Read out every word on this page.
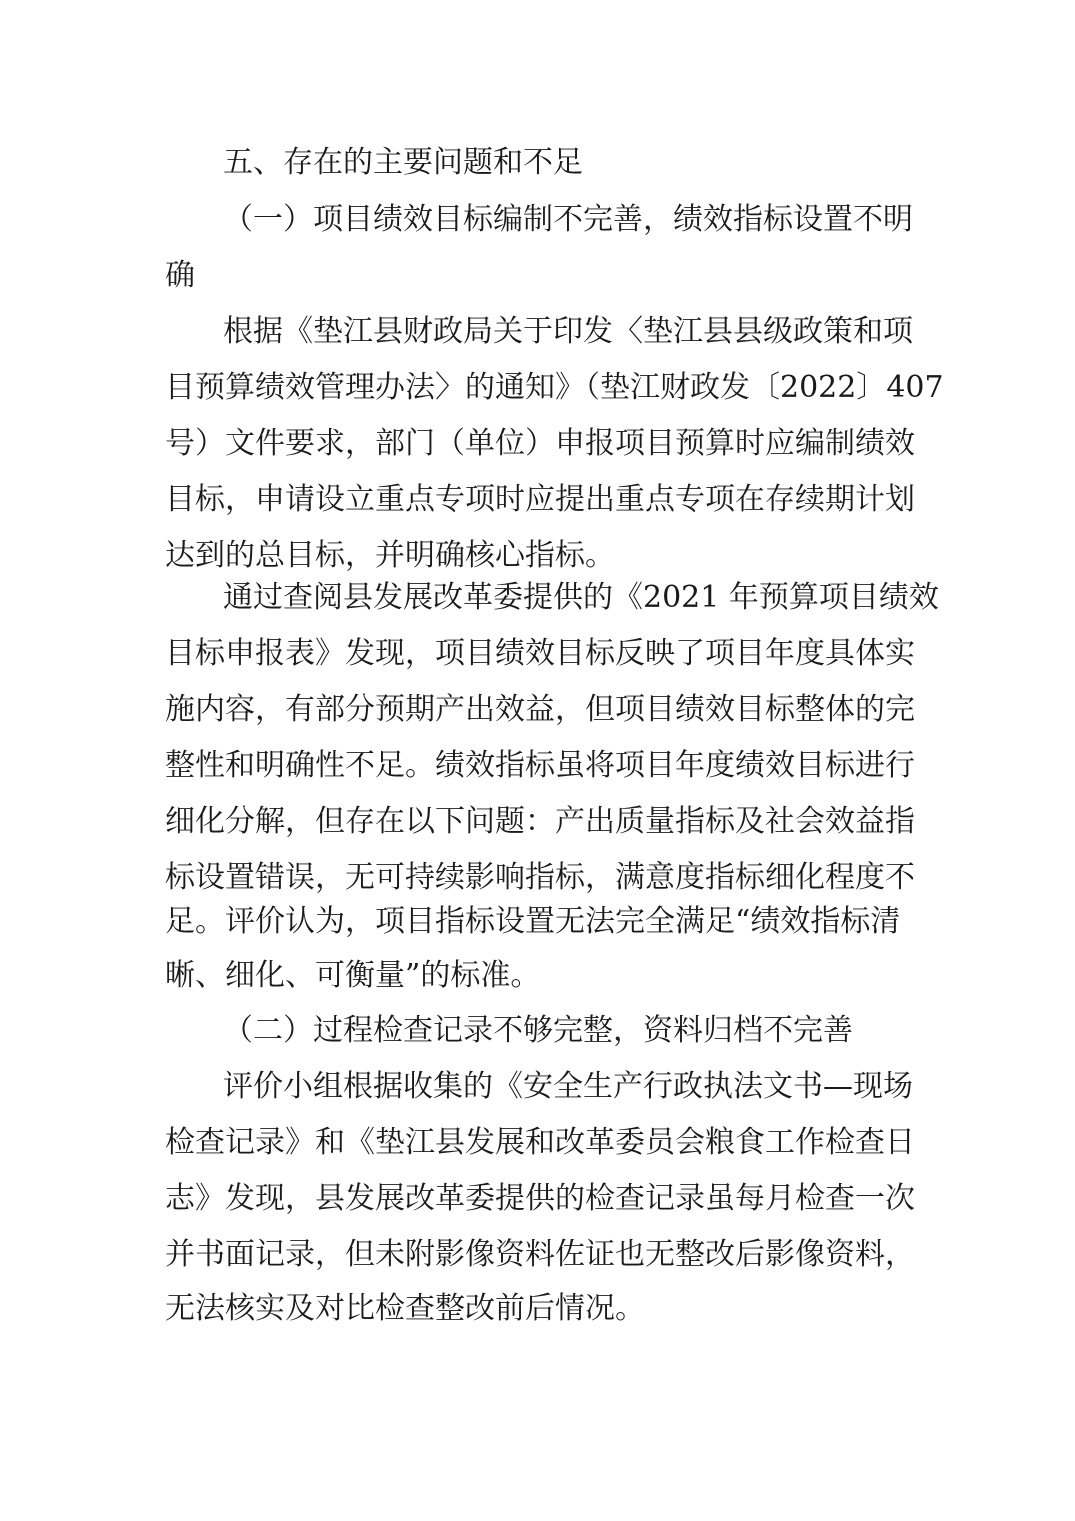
五、存在的主要问题和不足

（一）项目绩效目标编制不完善，绩效指标设置不明

确

根据《垫江县财政局关于印发〈垫江县县级政策和项

目预算绩效管理办法〉的通知》（垫江财政发〔2022〕407

号）文件要求，部门（单位）申报项目预算时应编制绩效

目标，申请设立重点专项时应提出重点专项在存续期计划

达到的总目标，并明确核心指标。

通过查阅县发展改革委提供的《2021 年预算项目绩效

目标申报表》发现，项目绩效目标反映了项目年度具体实

施内容，有部分预期产出效益，但项目绩效目标整体的完

整性和明确性不足。绩效指标虽将项目年度绩效目标进行

细化分解，但存在以下问题：产出质量指标及社会效益指

标设置错误，无可持续影响指标，满意度指标细化程度不

足。评价认为，项目指标设置无法完全满足“绩效指标清

晰、细化、可衡量”的标准。

（二）过程检查记录不够完整，资料归档不完善

评价小组根据收集的《安全生产行政执法文书—现场

检查记录》和《垫江县发展和改革委员会粮食工作检查日

志》发现，县发展改革委提供的检查记录虽每月检查一次

并书面记录，但未附影像资料佐证也无整改后影像资料，

无法核实及对比检查整改前后情况。
